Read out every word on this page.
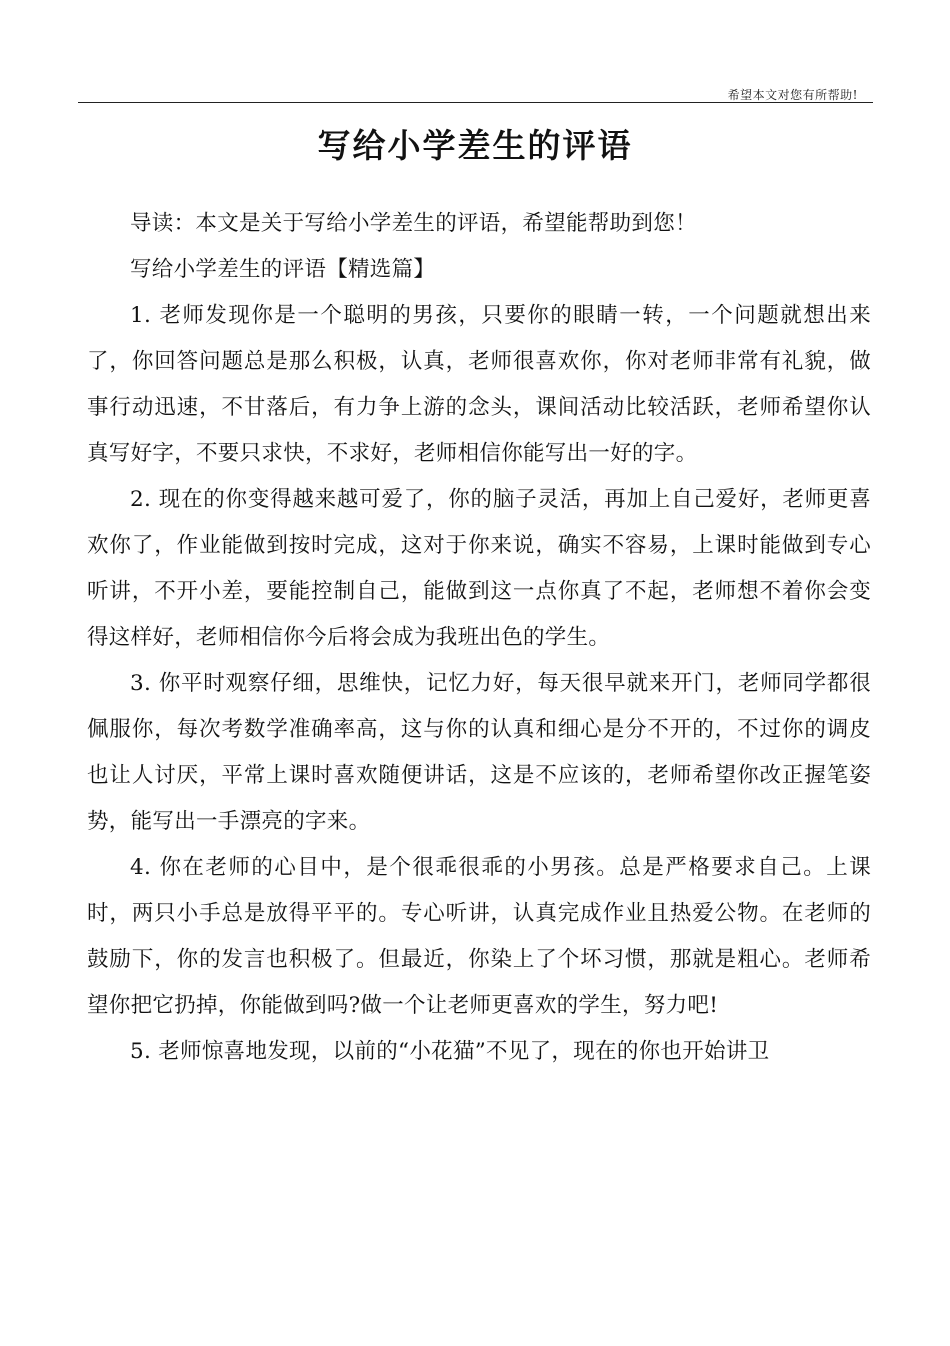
希望本文对您有所帮助!
写给小学差生的评语

导读：本文是关于写给小学差生的评语，希望能帮助到您！

写给小学差生的评语【精选篇】

1. 老师发现你是一个聪明的男孩，只要你的眼睛一转，一个问题就想出来了，你回答问题总是那么积极，认真，老师很喜欢你，你对老师非常有礼貌，做事行动迅速，不甘落后，有力争上游的念头，课间活动比较活跃，老师希望你认真写好字，不要只求快，不求好，老师相信你能写出一好的字。

2. 现在的你变得越来越可爱了，你的脑子灵活，再加上自己爱好，老师更喜欢你了，作业能做到按时完成，这对于你来说，确实不容易，上课时能做到专心听讲，不开小差，要能控制自己，能做到这一点你真了不起，老师想不着你会变得这样好，老师相信你今后将会成为我班出色的学生。

3. 你平时观察仔细，思维快，记忆力好，每天很早就来开门，老师同学都很佩服你，每次考数学准确率高，这与你的认真和细心是分不开的，不过你的调皮也让人讨厌，平常上课时喜欢随便讲话，这是不应该的，老师希望你改正握笔姿势，能写出一手漂亮的字来。

4. 你在老师的心目中，是个很乖很乖的小男孩。总是严格要求自己。上课时，两只小手总是放得平平的。专心听讲，认真完成作业且热爱公物。在老师的鼓励下，你的发言也积极了。但最近，你染上了个坏习惯，那就是粗心。老师希望你把它扔掉，你能做到吗?做一个让老师更喜欢的学生，努力吧!

5. 老师惊喜地发现，以前的“小花猫”不见了，现在的你也开始讲卫
